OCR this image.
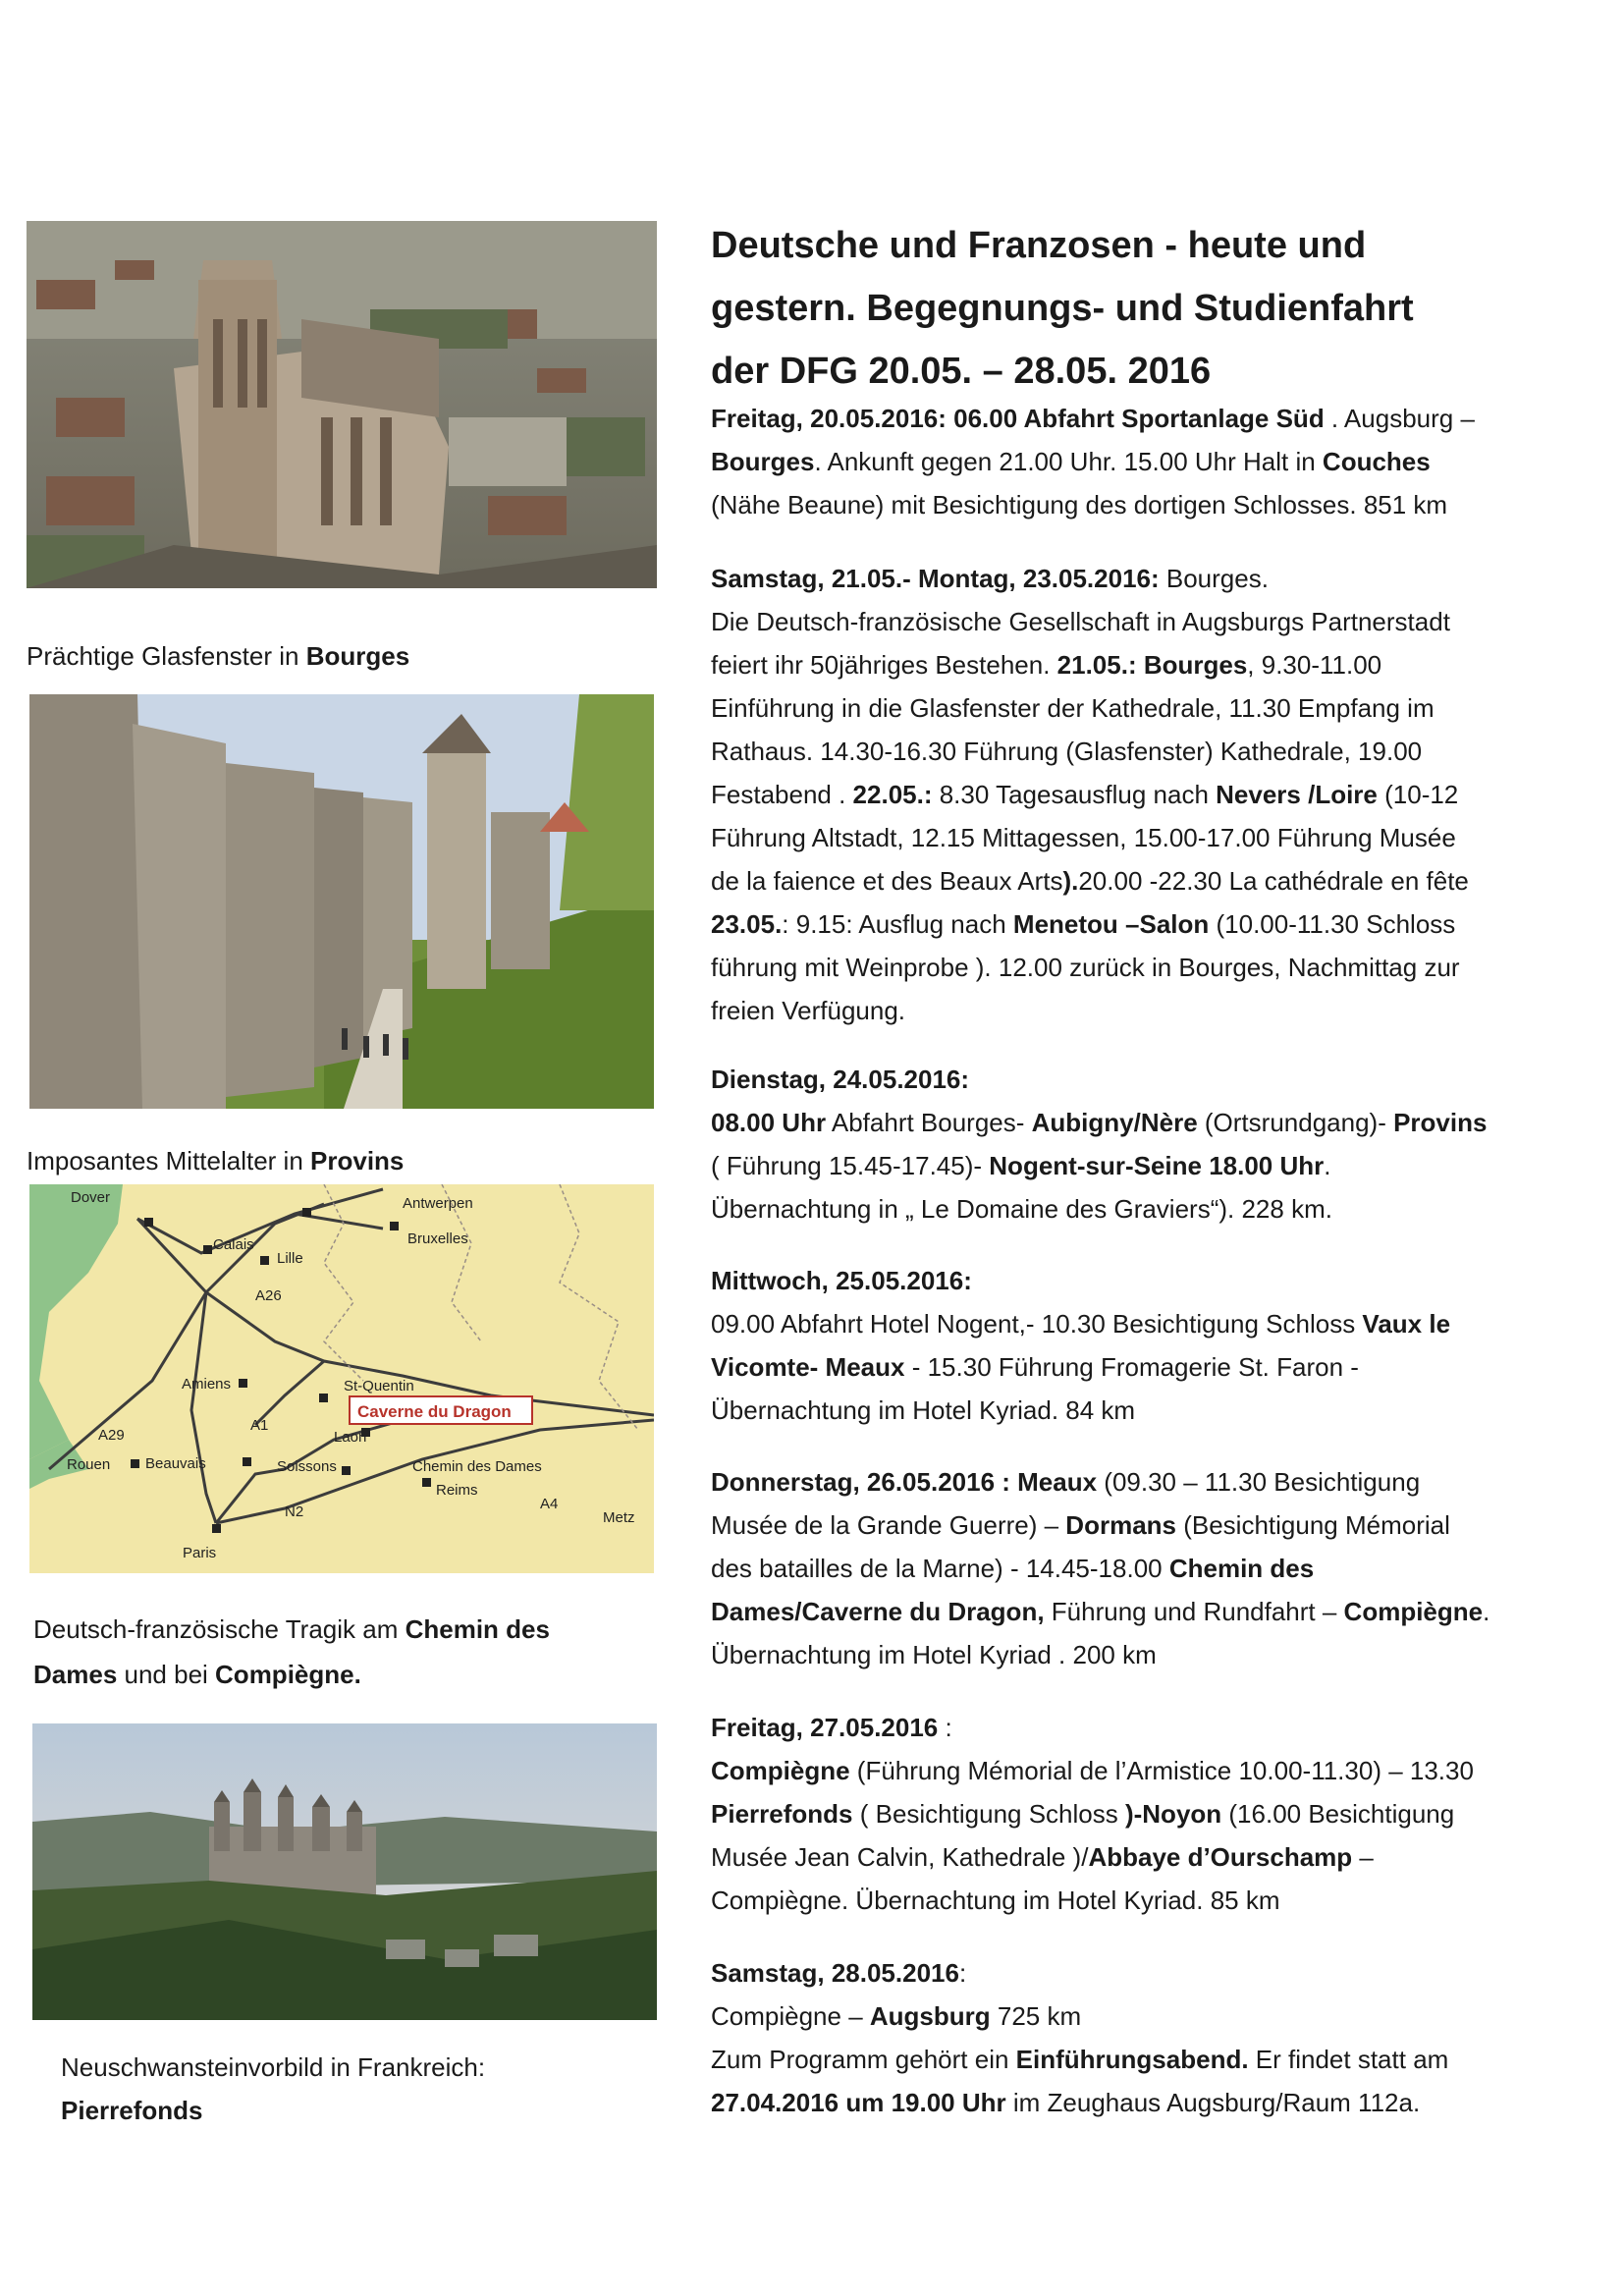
Prächtige Glasfenster in Bourges
Imposantes Mittelalter in Provins
Dover
Calais
Lille
Antwerpen
Bruxelles
A26
Amiens	St-Quentin
Caverne du Dragon
Laon
A29
A1
Rouen Beauvais	Soissons	Chemin des Dames
Reims
A4
Metz
Paris
N2
Deutsch-französische Tragik am Chemin des
Dames und bei Compiègne.
Neuschwansteinvorbild in Frankreich:
Pierrefonds
Deutsche und Franzosen - heute und
gestern. Begegnungs- und Studienfahrt
der DFG 20.05. – 28.05. 2016
Freitag, 20.05.2016: 06.00 Abfahrt Sportanlage Süd . Augsburg –
Bourges. Ankunft gegen 21.00 Uhr. 15.00 Uhr Halt in Couches
(Nähe Beaune) mit Besichtigung des dortigen Schlosses. 851 km
Samstag, 21.05.- Montag, 23.05.2016: Bourges.
Die Deutsch-französische Gesellschaft in Augsburgs Partnerstadt
feiert ihr 50jähriges Bestehen. 21.05.: Bourges, 9.30-11.00
Einführung in die Glasfenster der Kathedrale, 11.30 Empfang im
Rathaus. 14.30-16.30 Führung (Glasfenster) Kathedrale, 19.00
Festabend . 22.05.: 8.30 Tagesausflug nach Nevers /Loire (10-12
Führung Altstadt, 12.15 Mittagessen, 15.00-17.00 Führung Musée
de la faience et des Beaux Arts).20.00 -22.30 La cathédrale en fête
23.05.: 9.15: Ausflug nach Menetou –Salon (10.00-11.30 Schloss
führung mit Weinprobe ). 12.00 zurück in Bourges, Nachmittag zur
freien Verfügung.
Dienstag, 24.05.2016:
08.00 Uhr Abfahrt Bourges- Aubigny/Nère (Ortsrundgang)- Provins
( Führung 15.45-17.45)- Nogent-sur-Seine 18.00 Uhr.
Übernachtung in „ Le Domaine des Graviers“). 228 km.
Mittwoch, 25.05.2016:
09.00 Abfahrt Hotel Nogent,- 10.30 Besichtigung Schloss Vaux le
Vicomte- Meaux - 15.30 Führung Fromagerie St. Faron -
Übernachtung im Hotel Kyriad. 84 km
Donnerstag, 26.05.2016 : Meaux (09.30 – 11.30 Besichtigung
Musée de la Grande Guerre) – Dormans (Besichtigung Mémorial
des batailles de la Marne) - 14.45-18.00 Chemin des
Dames/Caverne du Dragon, Führung und Rundfahrt – Compiègne.
Übernachtung im Hotel Kyriad . 200 km
Freitag, 27.05.2016 :
Compiègne (Führung Mémorial de l’Armistice 10.00-11.30) – 13.30
Pierrefonds ( Besichtigung Schloss )-Noyon (16.00 Besichtigung
Musée Jean Calvin, Kathedrale )/Abbaye d’Ourschamp –
Compiègne. Übernachtung im Hotel Kyriad. 85 km
Samstag, 28.05.2016:
Compiègne – Augsburg 725 km
Zum Programm gehört ein Einführungsabend. Er findet statt am
27.04.2016 um 19.00 Uhr im Zeughaus Augsburg/Raum 112a.
